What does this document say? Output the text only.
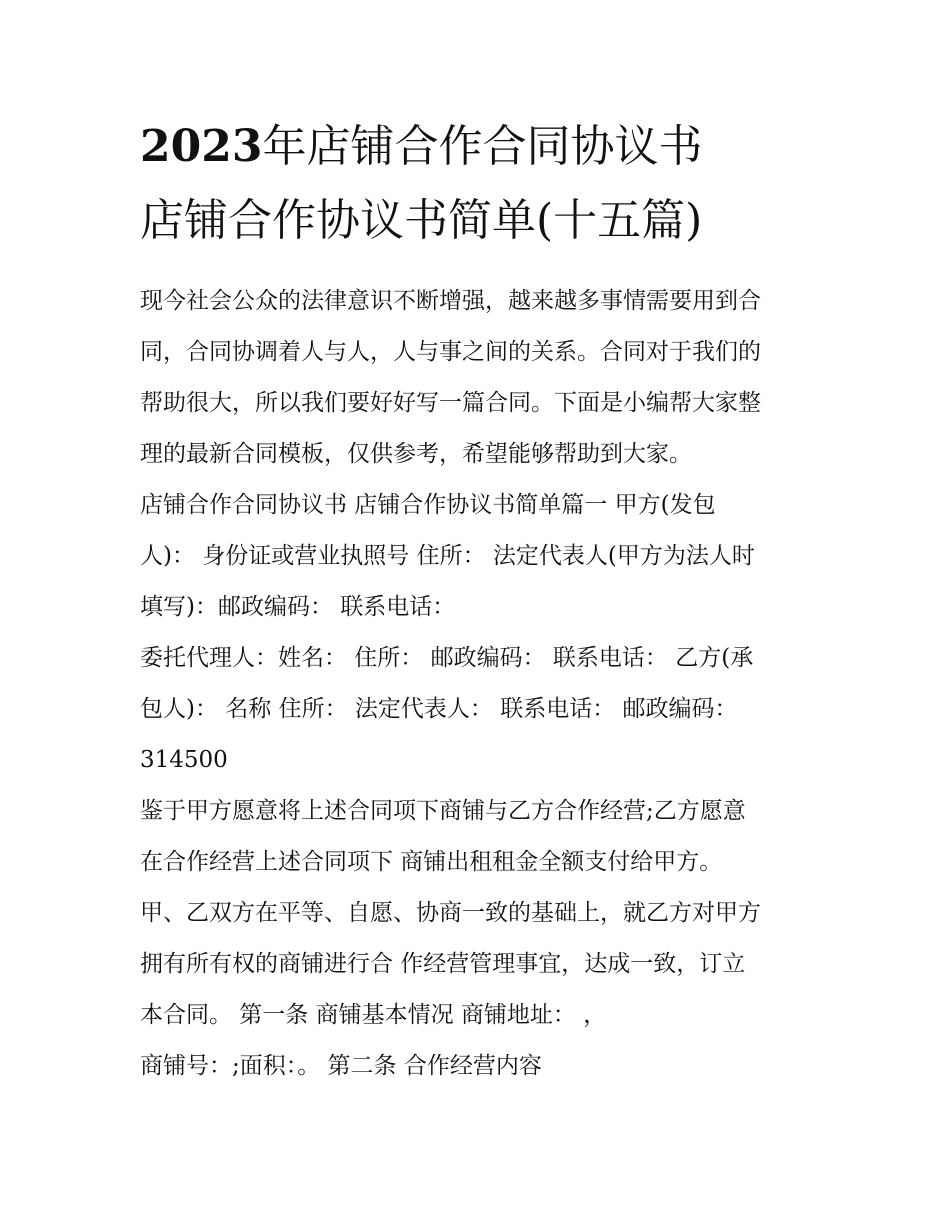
2023年店铺合作合同协议书
店铺合作协议书简单(十五篇)

现今社会公众的法律意识不断增强，越来越多事情需要用到合

同，合同协调着人与人，人与事之间的关系。合同对于我们的

帮助很大，所以我们要好好写一篇合同。下面是小编帮大家整

理的最新合同模板，仅供参考，希望能够帮助到大家。

店铺合作合同协议书 店铺合作协议书简单篇一 甲方(发包

人)： 身份证或营业执照号 住所： 法定代表人(甲方为法人时

填写)：邮政编码： 联系电话：

委托代理人：姓名： 住所： 邮政编码： 联系电话： 乙方(承

包人)： 名称 住所： 法定代表人： 联系电话： 邮政编码：

314500

鉴于甲方愿意将上述合同项下商铺与乙方合作经营;乙方愿意

在合作经营上述合同项下 商铺出租租金全额支付给甲方。

甲、乙双方在平等、自愿、协商一致的基础上，就乙方对甲方

拥有所有权的商铺进行合 作经营管理事宜，达成一致，订立

本合同。 第一条 商铺基本情况 商铺地址： ，

商铺号：;面积：。 第二条 合作经营内容
